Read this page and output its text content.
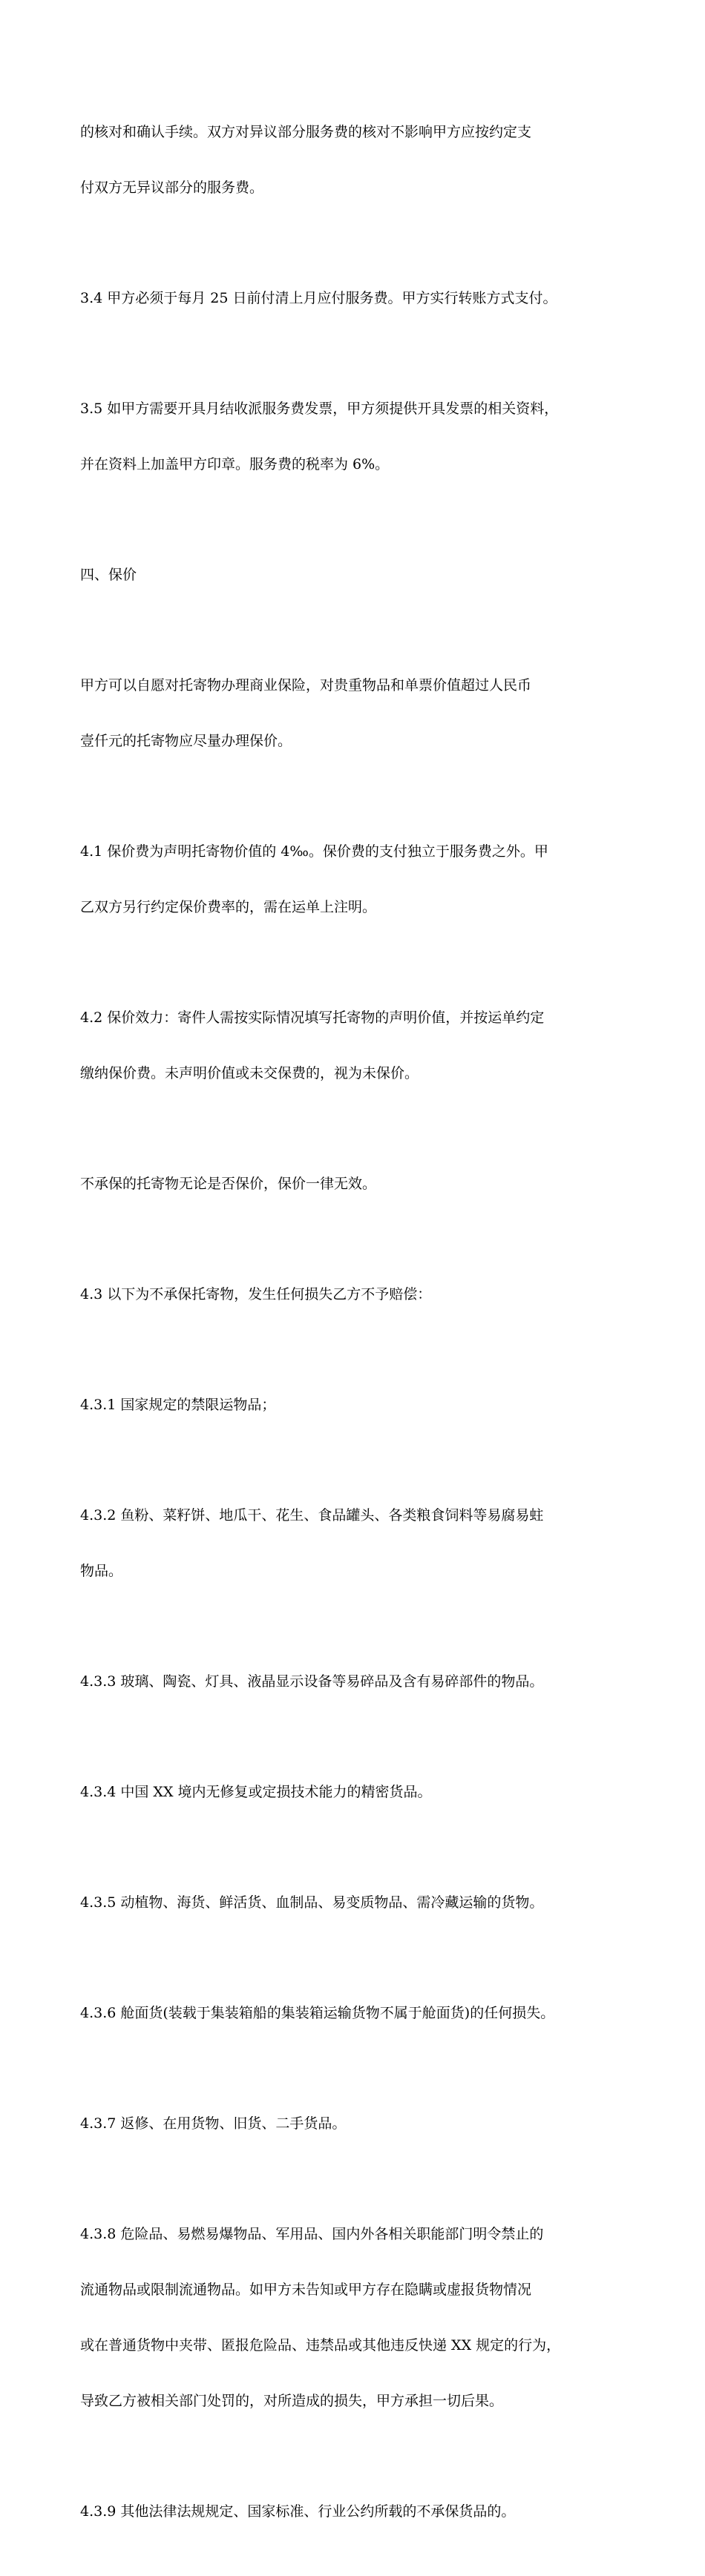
的核对和确认手续。双方对异议部分服务费的核对不影响甲方应按约定支

付双方无异议部分的服务费。

3.4 甲方必须于每月 25 日前付清上月应付服务费。甲方实行转账方式支付。

3.5 如甲方需要开具月结收派服务费发票，甲方须提供开具发票的相关资料，

并在资料上加盖甲方印章。服务费的税率为 6%。

四、保价

甲方可以自愿对托寄物办理商业保险，对贵重物品和单票价值超过人民币

壹仟元的托寄物应尽量办理保价。

4.1 保价费为声明托寄物价值的 4‰。保价费的支付独立于服务费之外。甲

乙双方另行约定保价费率的，需在运单上注明。

4.2 保价效力：寄件人需按实际情况填写托寄物的声明价值，并按运单约定

缴纳保价费。未声明价值或未交保费的，视为未保价。

不承保的托寄物无论是否保价，保价一律无效。

4.3 以下为不承保托寄物，发生任何损失乙方不予赔偿：

4.3.1 国家规定的禁限运物品；

4.3.2 鱼粉、菜籽饼、地瓜干、花生、食品罐头、各类粮食饲料等易腐易蛀

物品。

4.3.3 玻璃、陶瓷、灯具、液晶显示设备等易碎品及含有易碎部件的物品。

4.3.4 中国 XX 境内无修复或定损技术能力的精密货品。

4.3.5 动植物、海货、鲜活货、血制品、易变质物品、需冷藏运输的货物。

4.3.6 舱面货(装载于集装箱船的集装箱运输货物不属于舱面货)的任何损失。

4.3.7 返修、在用货物、旧货、二手货品。

4.3.8 危险品、易燃易爆物品、军用品、国内外各相关职能部门明令禁止的

流通物品或限制流通物品。如甲方未告知或甲方存在隐瞒或虚报货物情况

或在普通货物中夹带、匿报危险品、违禁品或其他违反快递 XX 规定的行为，

导致乙方被相关部门处罚的，对所造成的损失，甲方承担一切后果。

4.3.9 其他法律法规规定、国家标准、行业公约所载的不承保货品的。
